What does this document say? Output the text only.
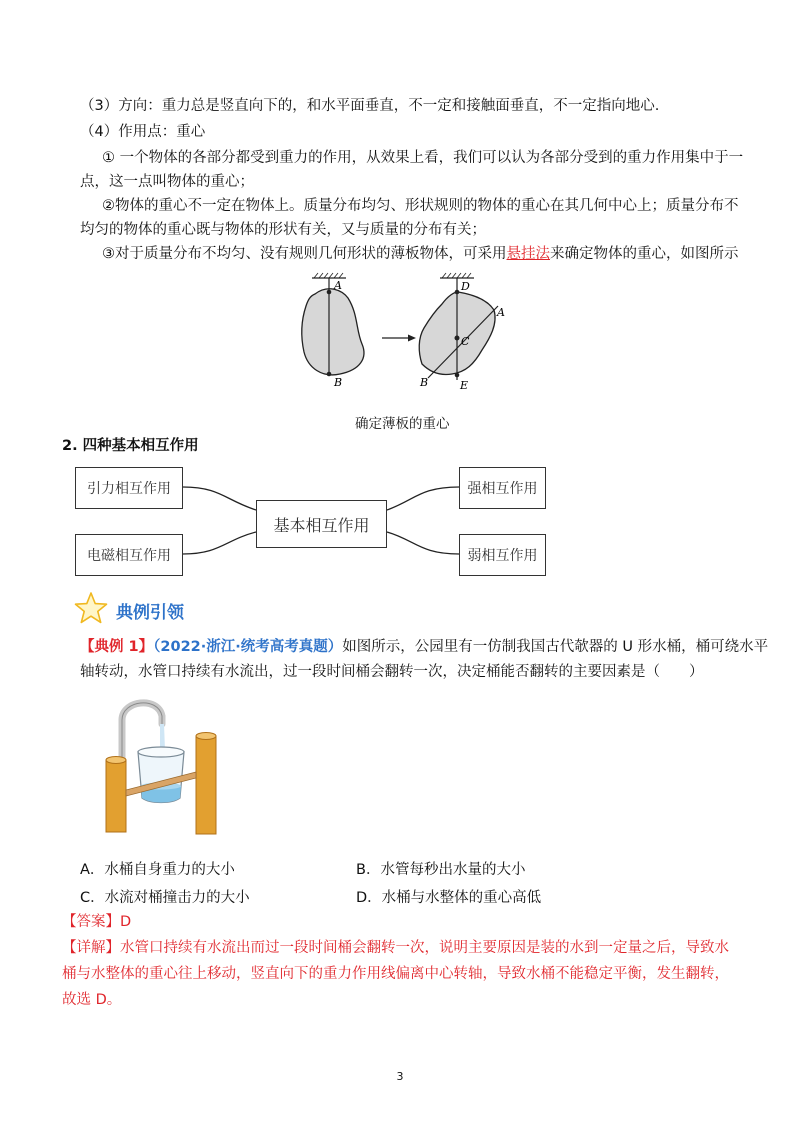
（3）方向：重力总是竖直向下的，和水平面垂直，不一定和接触面垂直，不一定指向地心.
（4）作用点：重心
① 一个物体的各部分都受到重力的作用，从效果上看，我们可以认为各部分受到的重力作用集中于一
点，这一点叫物体的重心；
②物体的重心不一定在物体上。质量分布均匀、形状规则的物体的重心在其几何中心上；质量分布不
均匀的物体的重心既与物体的形状有关，又与质量的分布有关；
③对于质量分布不均匀、没有规则几何形状的薄板物体，可采用悬挂法来确定物体的重心，如图所示
A
B
D
C
E
A
B
确定薄板的重心
2. 四种基本相互作用
引力相互作用
电磁相互作用
基本相互作用
强相互作用
弱相互作用
典例引领
【典例 1】（2022·浙江·统考高考真题）如图所示，公园里有一仿制我国古代欹器的 U 形水桶，桶可绕水平
轴转动，水管口持续有水流出，过一段时间桶会翻转一次，决定桶能否翻转的主要因素是（　　）
A．水桶自身重力的大小	B．水管每秒出水量的大小
C．水流对桶撞击力的大小	D．水桶与水整体的重心高低
【答案】D
【详解】水管口持续有水流出而过一段时间桶会翻转一次，说明主要原因是装的水到一定量之后，导致水
桶与水整体的重心往上移动，竖直向下的重力作用线偏离中心转轴，导致水桶不能稳定平衡，发生翻转，
故选 D。
3
